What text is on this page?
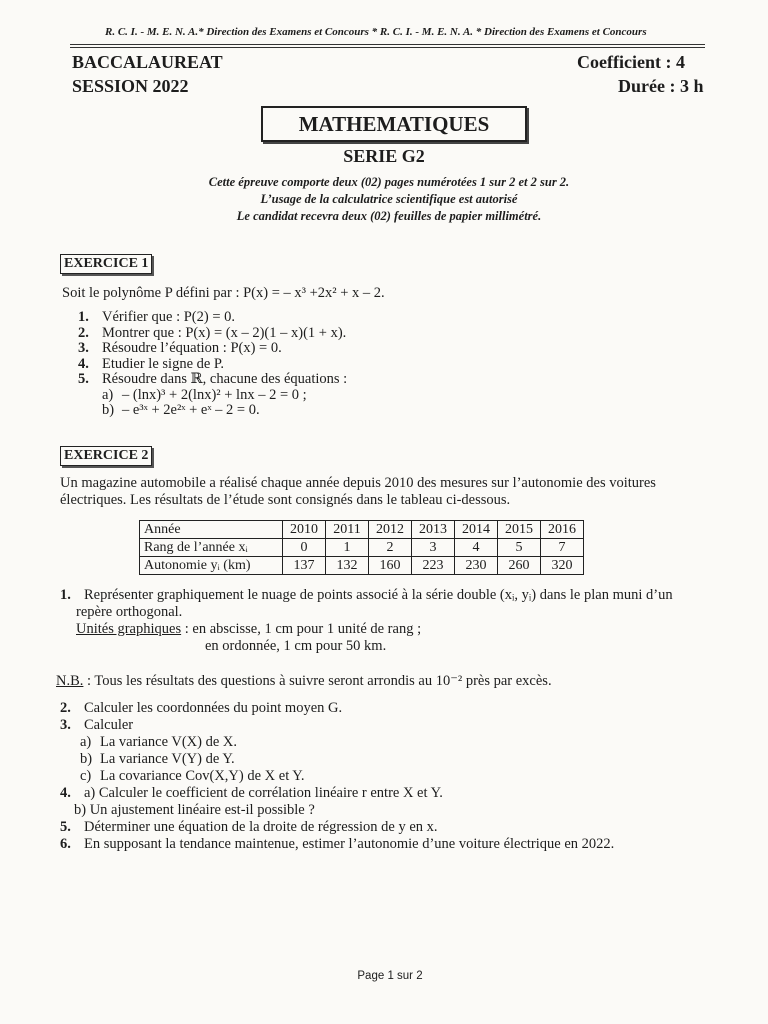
R. C. I. - M. E. N. A.* Direction des Examens et Concours * R. C. I. - M. E. N. A. * Direction des Examens et Concours
BACCALAUREAT
SESSION 2022
Coefficient : 4
Durée : 3 h
MATHEMATIQUES
SERIE G2
Cette épreuve comporte deux (02) pages numérotées 1 sur 2 et 2 sur 2.
L’usage de la calculatrice scientifique est autorisé
Le candidat recevra deux (02) feuilles de papier millimétré.
EXERCICE 1
Soit le polynôme P défini par : P(x) = – x³ +2x² + x – 2.
1. Vérifier que : P(2) = 0.
2. Montrer que : P(x) = (x – 2)(1 – x)(1 + x).
3. Résoudre l’équation : P(x) = 0.
4. Etudier le signe de P.
5. Résoudre dans ℝ, chacune des équations :
a) – (lnx)³ + 2(lnx)² + lnx – 2 = 0 ;
b) – e³ˣ + 2e²ˣ + eˣ – 2 = 0.
EXERCICE 2
Un magazine automobile a réalisé chaque année depuis 2010 des mesures sur l’autonomie des voitures
électriques. Les résultats de l’étude sont consignés dans le tableau ci-dessous.
Année	2010	2011	2012	2013	2014	2015	2016
Rang de l’année xᵢ	0	1	2	3	4	5	7
Autonomie yᵢ (km)	137	132	160	223	230	260	320
1. Représenter graphiquement le nuage de points associé à la série double (xᵢ, yᵢ) dans le plan muni d’un
repère orthogonal.
Unités graphiques : en abscisse, 1 cm pour 1 unité de rang ;
en ordonnée, 1 cm pour 50 km.
N.B. : Tous les résultats des questions à suivre seront arrondis au 10⁻² près par excès.
2. Calculer les coordonnées du point moyen G.
3. Calculer
a) La variance V(X) de X.
b) La variance V(Y) de Y.
c) La covariance Cov(X,Y) de X et Y.
4. a) Calculer le coefficient de corrélation linéaire r entre X et Y.
b) Un ajustement linéaire est-il possible ?
5. Déterminer une équation de la droite de régression de y en x.
6. En supposant la tendance maintenue, estimer l’autonomie d’une voiture électrique en 2022.
Page 1 sur 2
